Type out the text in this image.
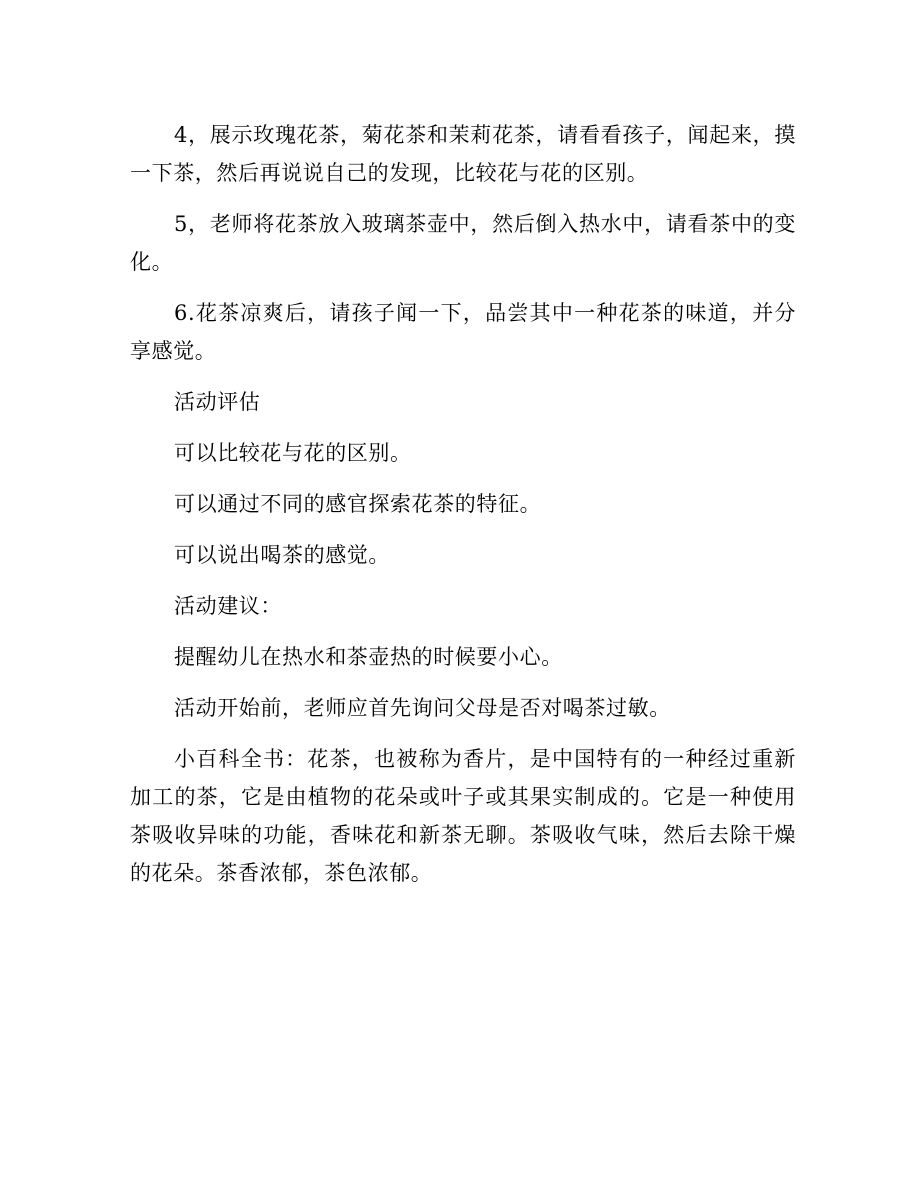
4，展示玫瑰花茶，菊花茶和茉莉花茶，请看看孩子，闻起来，摸一下茶，然后再说说自己的发现，比较花与花的区别。

5，老师将花茶放入玻璃茶壶中，然后倒入热水中，请看茶中的变化。

6.花茶凉爽后，请孩子闻一下，品尝其中一种花茶的味道，并分享感觉。

活动评估

可以比较花与花的区别。

可以通过不同的感官探索花茶的特征。

可以说出喝茶的感觉。

活动建议：

提醒幼儿在热水和茶壶热的时候要小心。

活动开始前，老师应首先询问父母是否对喝茶过敏。

小百科全书：花茶，也被称为香片，是中国特有的一种经过重新加工的茶，它是由植物的花朵或叶子或其果实制成的。它是一种使用茶吸收异味的功能，香味花和新茶无聊。茶吸收气味，然后去除干燥的花朵。茶香浓郁，茶色浓郁。
